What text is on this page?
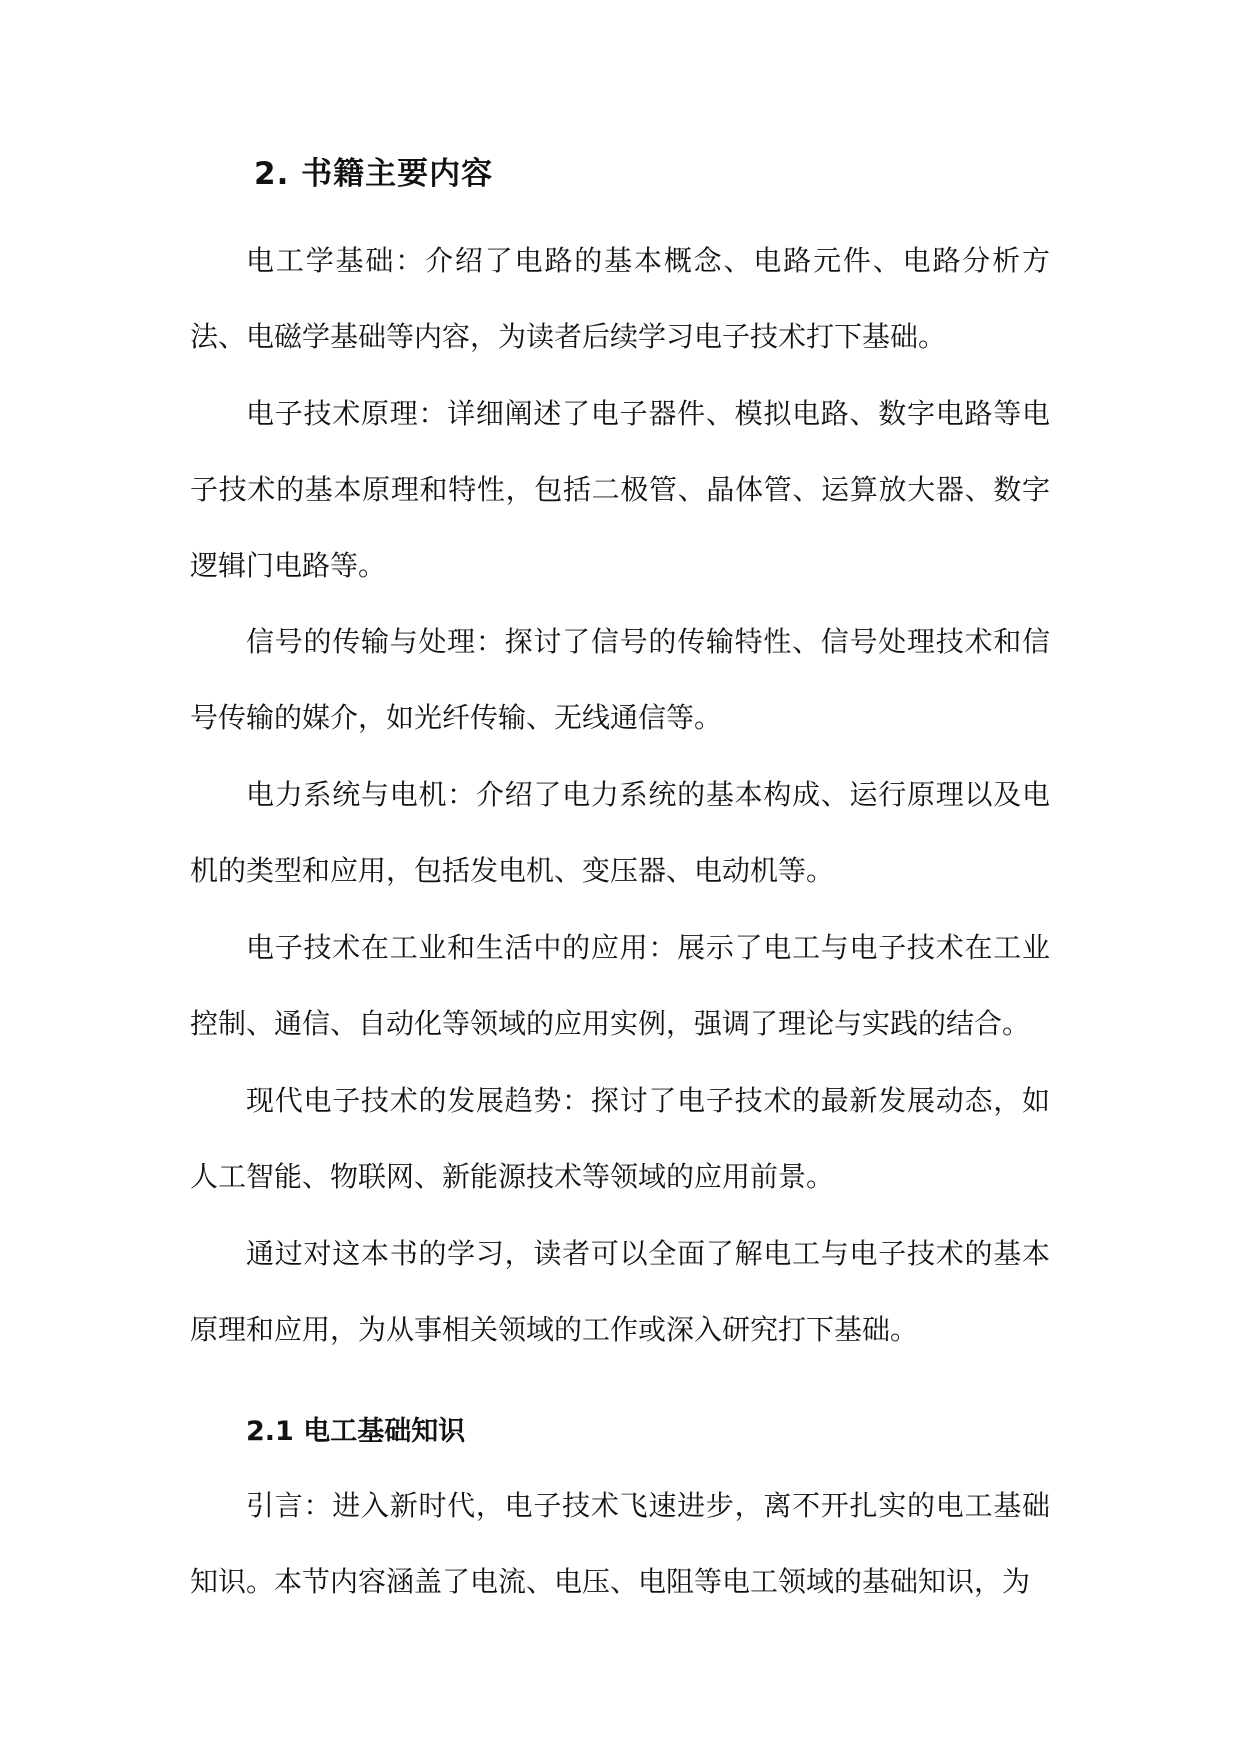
2. 书籍主要内容

电工学基础：介绍了电路的基本概念、电路元件、电路分析方法、电磁学基础等内容，为读者后续学习电子技术打下基础。

电子技术原理：详细阐述了电子器件、模拟电路、数字电路等电子技术的基本原理和特性，包括二极管、晶体管、运算放大器、数字逻辑门电路等。

信号的传输与处理：探讨了信号的传输特性、信号处理技术和信号传输的媒介，如光纤传输、无线通信等。

电力系统与电机：介绍了电力系统的基本构成、运行原理以及电机的类型和应用，包括发电机、变压器、电动机等。

电子技术在工业和生活中的应用：展示了电工与电子技术在工业控制、通信、自动化等领域的应用实例，强调了理论与实践的结合。

现代电子技术的发展趋势：探讨了电子技术的最新发展动态，如人工智能、物联网、新能源技术等领域的应用前景。

通过对这本书的学习，读者可以全面了解电工与电子技术的基本原理和应用，为从事相关领域的工作或深入研究打下基础。

2.1 电工基础知识

引言：进入新时代，电子技术飞速进步，离不开扎实的电工基础知识。本节内容涵盖了电流、电压、电阻等电工领域的基础知识，为
